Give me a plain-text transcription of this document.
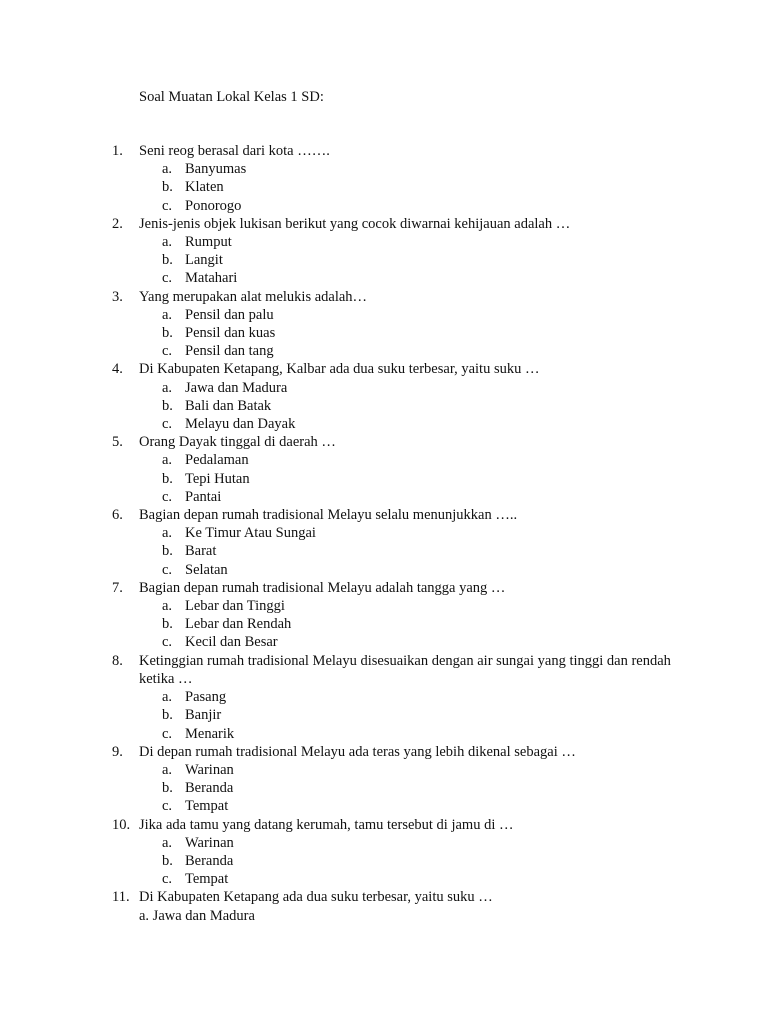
Soal Muatan Lokal Kelas 1 SD:
1.	Seni reog berasal dari kota …….
a. Banyumas
b. Klaten
c. Ponorogo
2.	Jenis-jenis objek lukisan berikut yang cocok diwarnai kehijauan adalah …
a. Rumput
b. Langit
c. Matahari
3.	Yang merupakan alat melukis adalah…
a. Pensil dan palu
b. Pensil dan kuas
c. Pensil dan tang
4.	Di Kabupaten Ketapang, Kalbar ada dua suku terbesar, yaitu suku …
a. Jawa dan Madura
b. Bali dan Batak
c. Melayu dan Dayak
5.	Orang Dayak tinggal di daerah …
a. Pedalaman
b. Tepi Hutan
c. Pantai
6.	Bagian depan rumah tradisional Melayu selalu menunjukkan …..
a. Ke Timur Atau Sungai
b. Barat
c. Selatan
7.	Bagian depan rumah tradisional Melayu adalah tangga yang …
a. Lebar dan Tinggi
b. Lebar dan Rendah
c. Kecil dan Besar
8.	Ketinggian rumah tradisional Melayu disesuaikan dengan air sungai yang tinggi dan rendah ketika …
a. Pasang
b. Banjir
c. Menarik
9.	Di depan rumah tradisional Melayu ada teras yang lebih dikenal sebagai …
a. Warinan
b. Beranda
c. Tempat
10. Jika ada tamu yang datang kerumah, tamu tersebut di jamu di …
a. Warinan
b. Beranda
c. Tempat
11. Di Kabupaten Ketapang ada dua suku terbesar, yaitu suku …
a. Jawa dan Madura
